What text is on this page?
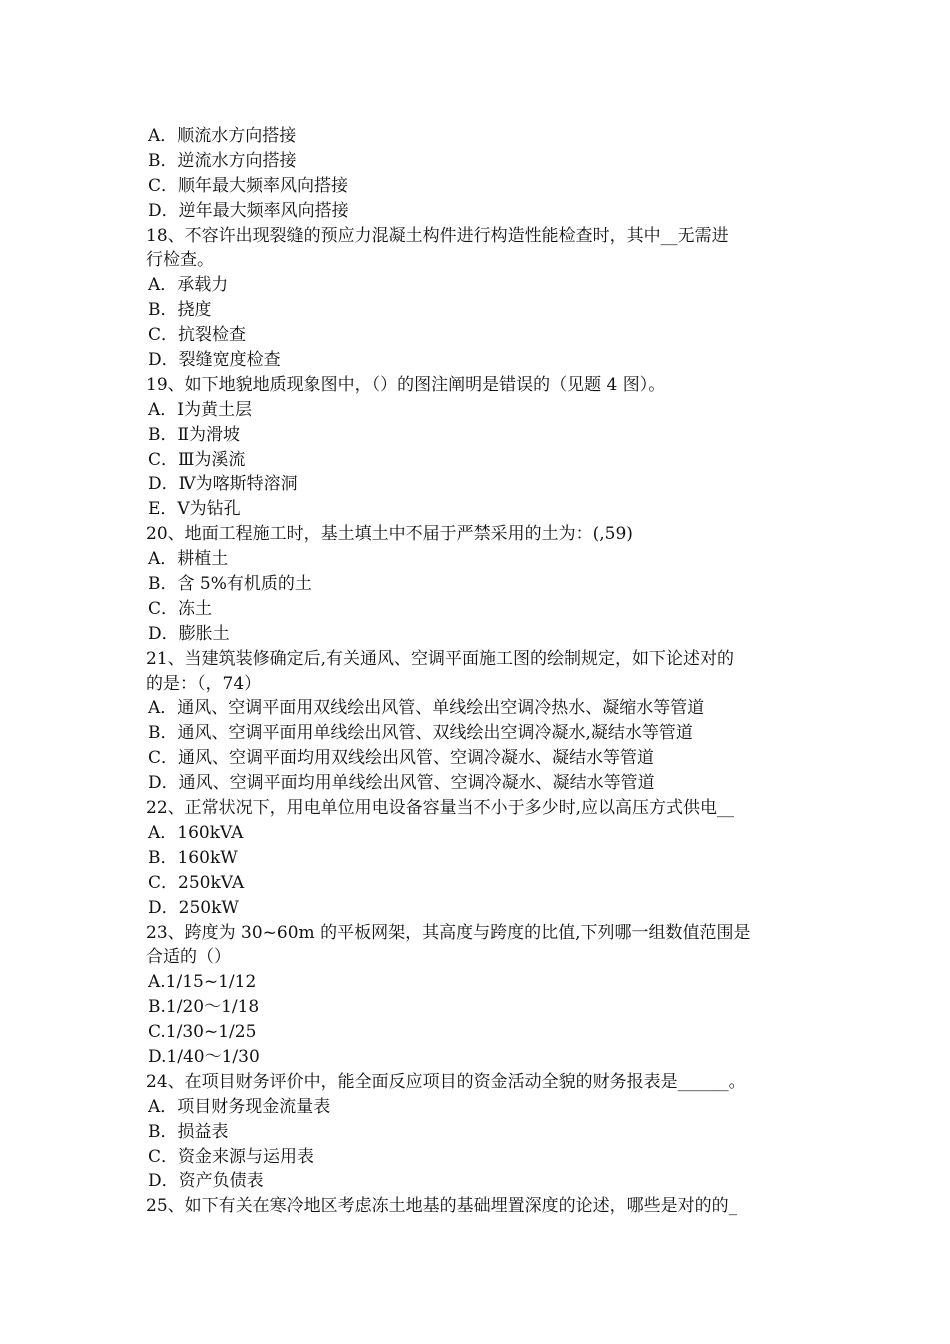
A．顺流水方向搭接
B．逆流水方向搭接
C．顺年最大频率风向搭接
D．逆年最大频率风向搭接
18、不容许出现裂缝的预应力混凝土构件进行构造性能检查时，其中__无需进
行检查。
A．承载力
B．挠度
C．抗裂检查
D．裂缝宽度检查
19、如下地貌地质现象图中，（）的图注阐明是错误的（见题 4 图）。
A．Ⅰ为黄土层
B．Ⅱ为滑坡
C．Ⅲ为溪流
D．Ⅳ为喀斯特溶洞
E．Ⅴ为钻孔
20、地面工程施工时，基土填土中不届于严禁采用的土为：(,59)
A．耕植土
B．含 5%有机质的土
C．冻土
D．膨胀土
21、当建筑装修确定后,有关通风、空调平面施工图的绘制规定，如下论述对的
的是：（，74）
A．通风、空调平面用双线绘出风管、单线绘出空调冷热水、凝缩水等管道
B．通风、空调平面用单线绘出风管、双线绘出空调冷凝水,凝结水等管道
C．通风、空调平面均用双线绘出风管、空调冷凝水、凝结水等管道
D．通风、空调平面均用单线绘出风管、空调冷凝水、凝结水等管道
22、正常状况下，用电单位用电设备容量当不小于多少时,应以高压方式供电__
A．160kVA
B．160kW
C．250kVA
D．250kW
23、跨度为 30~60m 的平板网架，其高度与跨度的比值,下列哪一组数值范围是
合适的（）
A.1/15~1/12
B.1/20～1/18
C.1/30~1/25
D.1/40～1/30
24、在项目财务评价中，能全面反应项目的资金活动全貌的财务报表是______。
A．项目财务现金流量表
B．损益表
C．资金来源与运用表
D．资产负债表
25、如下有关在寒冷地区考虑冻土地基的基础埋置深度的论述，哪些是对的的_
